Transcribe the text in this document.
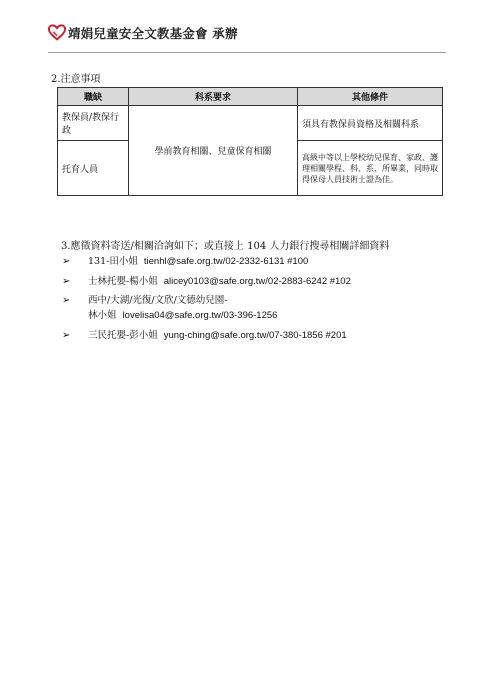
靖娟兒童安全文教基金會 承辦
2.注意事項
職缺	科系要求	其他條件
教保員/教保行政	學前教育相關、兒童保育相關	須具有教保員資格及相關科系
托育人員		高級中等以上學校幼兒保育、家政、護理相關學程、科、系、所畢業，同時取得保母人員技術士證為佳。
3.應徵資料寄送/相關洽詢如下；或直接上 104 人力銀行搜尋相關詳細資料
➢ 131-田小姐 tienhl@safe.org.tw/02-2332-6131 #100
➢ 士林托嬰-楊小姐 alicey0103@safe.org.tw/02-2883-6242 #102
➢ 西中/大湖/光復/文欣/文德幼兒園-
林小姐 lovelisa04@safe.org.tw/03-396-1256
➢ 三民托嬰-彭小姐 yung-ching@safe.org.tw/07-380-1856 #201
